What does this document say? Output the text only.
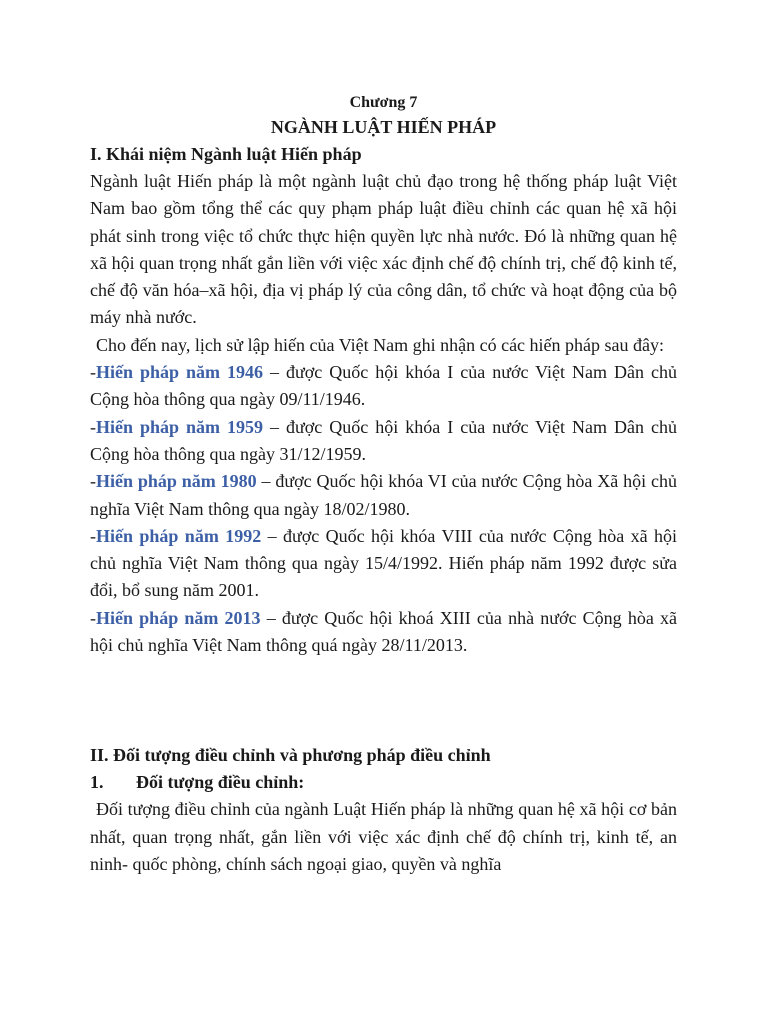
Chương 7

NGÀNH LUẬT HIẾN PHÁP

I. Khái niệm Ngành luật Hiến pháp

Ngành luật Hiến pháp là một ngành luật chủ đạo trong hệ thống pháp luật Việt Nam bao gồm tổng thể các quy phạm pháp luật điều chỉnh các quan hệ xã hội phát sinh trong việc tổ chức thực hiện quyền lực nhà nước. Đó là những quan hệ xã hội quan trọng nhất gắn liền với việc xác định chế độ chính trị, chế độ kinh tế, chế độ văn hóa–xã hội, địa vị pháp lý của công dân, tổ chức và hoạt động của bộ máy nhà nước.

Cho đến nay, lịch sử lập hiến của Việt Nam ghi nhận có các hiến pháp sau đây:

-Hiến pháp năm 1946 – được Quốc hội khóa I của nước Việt Nam Dân chủ Cộng hòa thông qua ngày 09/11/1946.

-Hiến pháp năm 1959 – được Quốc hội khóa I của nước Việt Nam Dân chủ Cộng hòa thông qua ngày 31/12/1959.

-Hiến pháp năm 1980 – được Quốc hội khóa VI của nước Cộng hòa Xã hội chủ nghĩa Việt Nam thông qua ngày 18/02/1980.

-Hiến pháp năm 1992 – được Quốc hội khóa VIII của nước Cộng hòa xã hội chủ nghĩa Việt Nam thông qua ngày 15/4/1992. Hiến pháp năm 1992 được sửa đổi, bổ sung năm 2001.

-Hiến pháp năm 2013 – được Quốc hội khoá XIII của nhà nước Cộng hòa xã hội chủ nghĩa Việt Nam thông quá ngày 28/11/2013.

II. Đối tượng điều chỉnh và phương pháp điều chỉnh

1. Đối tượng điều chỉnh:

Đối tượng điều chỉnh của ngành Luật Hiến pháp là những quan hệ xã hội cơ bản nhất, quan trọng nhất, gắn liền với việc xác định chế độ chính trị, kinh tế, an ninh- quốc phòng, chính sách ngoại giao, quyền và nghĩa
